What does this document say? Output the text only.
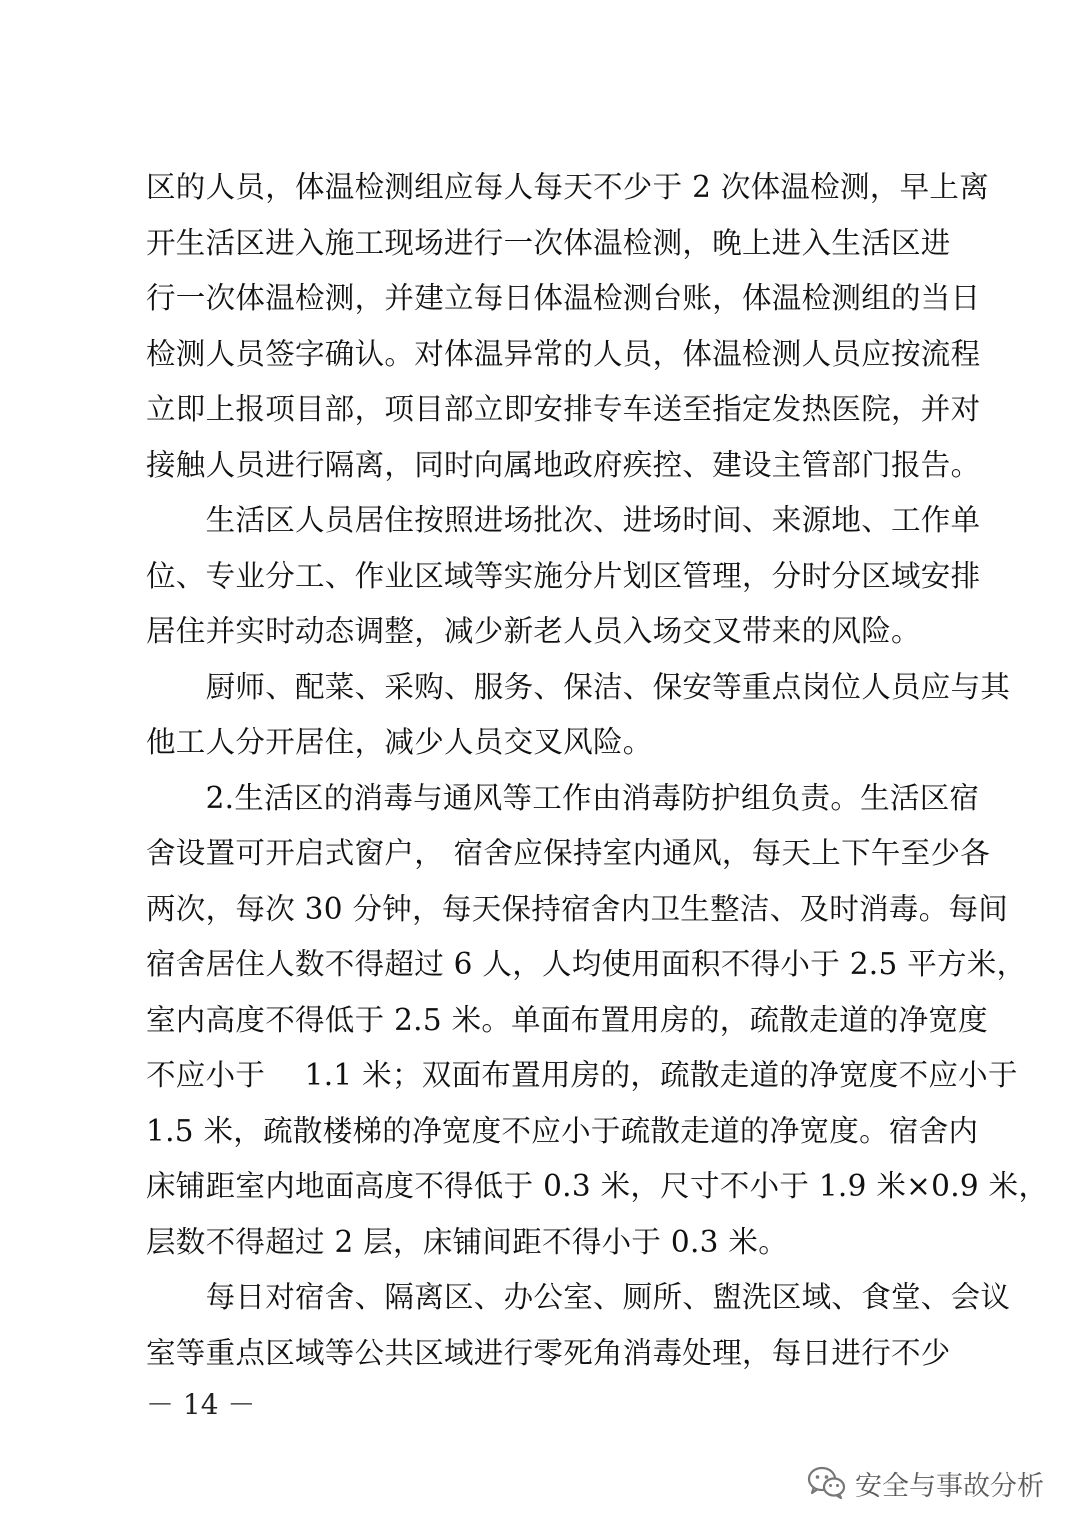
区的人员，体温检测组应每人每天不少于 2 次体温检测，早上离
开生活区进入施工现场进行一次体温检测，晚上进入生活区进
行一次体温检测，并建立每日体温检测台账，体温检测组的当日
检测人员签字确认。对体温异常的人员，体温检测人员应按流程
立即上报项目部，项目部立即安排专车送至指定发热医院，并对
接触人员进行隔离，同时向属地政府疾控、建设主管部门报告。
　　生活区人员居住按照进场批次、进场时间、来源地、工作单
位、专业分工、作业区域等实施分片划区管理，分时分区域安排
居住并实时动态调整，减少新老人员入场交叉带来的风险。
　　厨师、配菜、采购、服务、保洁、保安等重点岗位人员应与其
他工人分开居住，减少人员交叉风险。
　　2.生活区的消毒与通风等工作由消毒防护组负责。生活区宿
舍设置可开启式窗户， 宿舍应保持室内通风，每天上下午至少各
两次，每次 30 分钟，每天保持宿舍内卫生整洁、及时消毒。每间
宿舍居住人数不得超过 6 人，人均使用面积不得小于 2.5 平方米，
室内高度不得低于 2.5 米。单面布置用房的，疏散走道的净宽度
不应小于　 1.1 米；双面布置用房的，疏散走道的净宽度不应小于
1.5 米，疏散楼梯的净宽度不应小于疏散走道的净宽度。宿舍内
床铺距室内地面高度不得低于 0.3 米，尺寸不小于 1.9 米×0.9 米，
层数不得超过 2 层，床铺间距不得小于 0.3 米。
　　每日对宿舍、隔离区、办公室、厕所、盥洗区域、食堂、会议
室等重点区域等公共区域进行零死角消毒处理，每日进行不少
－ 14 －
安全与事故分析
